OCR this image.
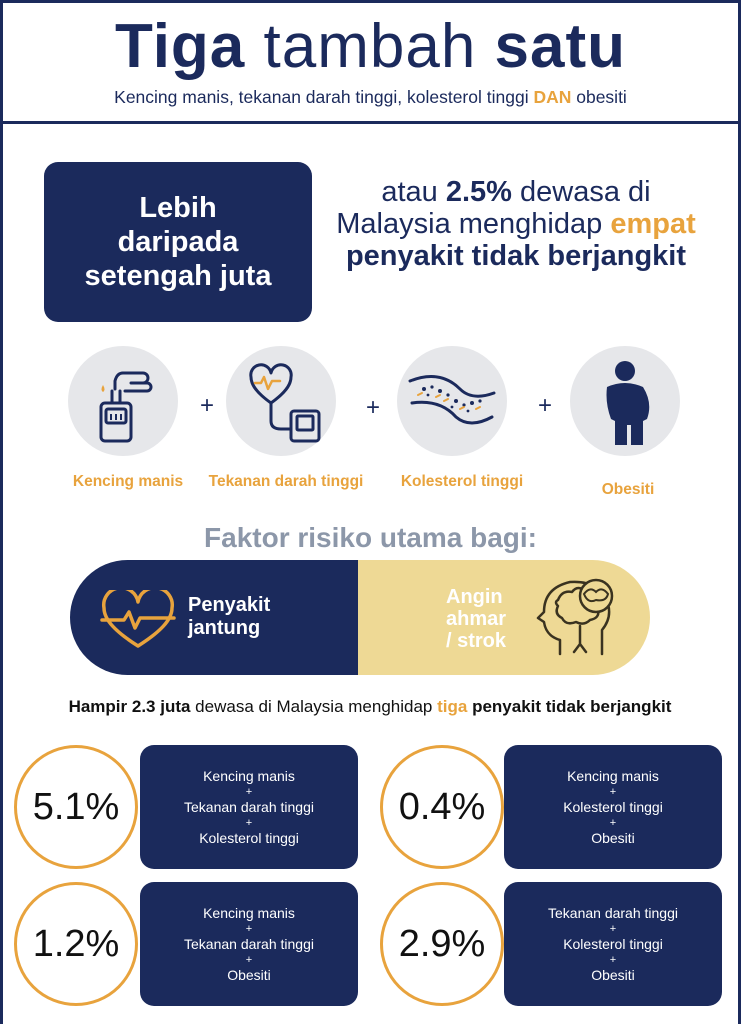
Tiga tambah satu
Kencing manis, tekanan darah tinggi, kolesterol tinggi DAN obesiti
Lebih
daripada
setengah juta
atau 2.5% dewasa di Malaysia menghidap empat penyakit tidak berjangkit
+	+	+
Kencing manis	Tekanan darah tinggi	Kolesterol tinggi	Obesiti
Faktor risiko utama bagi:
Penyakit
jantung
Angin
ahmar
/ strok
Hampir 2.3 juta dewasa di Malaysia menghidap tiga penyakit tidak berjangkit
5.1%
Kencing manis
+
Tekanan darah tinggi
+
Kolesterol tinggi
0.4%
Kencing manis
+
Kolesterol tinggi
+
Obesiti
1.2%
Kencing manis
+
Tekanan darah tinggi
+
Obesiti
2.9%
Tekanan darah tinggi
+
Kolesterol tinggi
+
Obesiti
